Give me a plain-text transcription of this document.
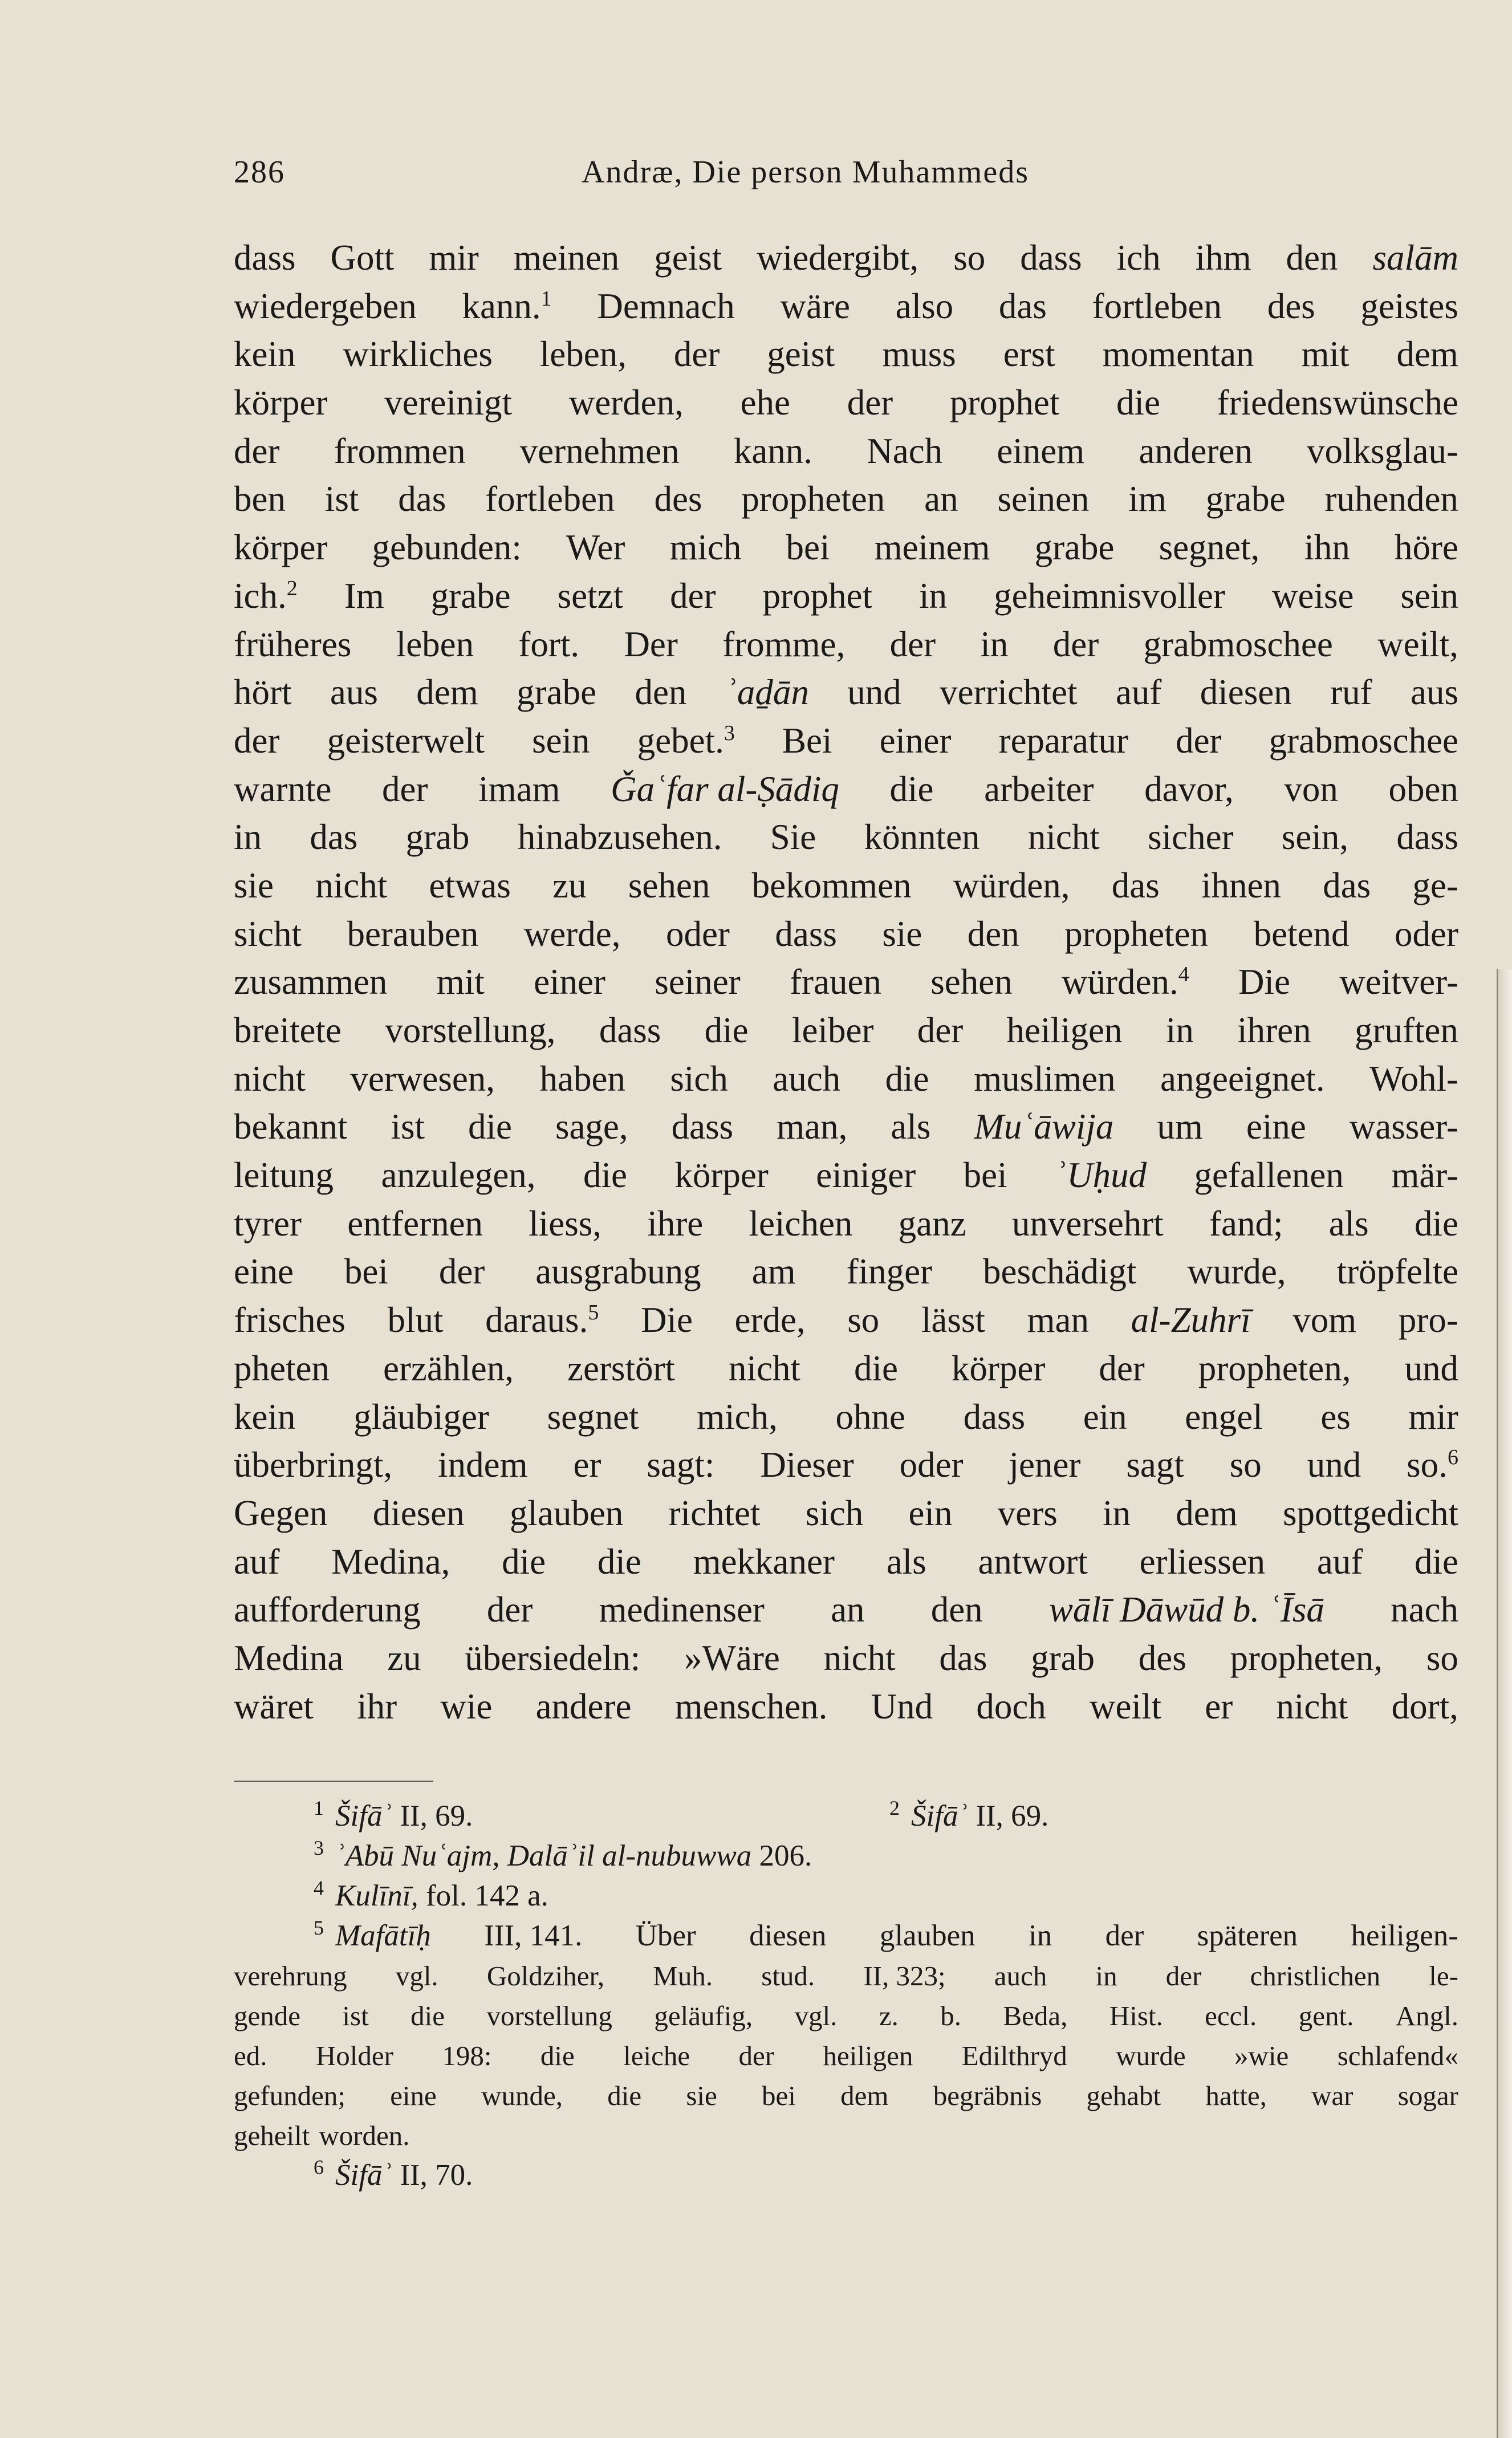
286	Andræ, Die person Muhammeds
dass Gott mir meinen geist wiedergibt, so dass ich ihm den salām
wiedergeben kann.1 Demnach wäre also das fortleben des geistes
kein wirkliches leben, der geist muss erst momentan mit dem
körper vereinigt werden, ehe der prophet die friedenswünsche
der frommen vernehmen kann. Nach einem anderen volksglau-
ben ist das fortleben des propheten an seinen im grabe ruhenden
körper gebunden: Wer mich bei meinem grabe segnet, ihn höre
ich.2 Im grabe setzt der prophet in geheimnisvoller weise sein
früheres leben fort. Der fromme, der in der grabmoschee weilt,
hört aus dem grabe den ʾaḏān und verrichtet auf diesen ruf aus
der geisterwelt sein gebet.3 Bei einer reparatur der grabmoschee
warnte der imam Ǧaʿfar al-Ṣādiq die arbeiter davor, von oben
in das grab hinabzusehen. Sie könnten nicht sicher sein, dass
sie nicht etwas zu sehen bekommen würden, das ihnen das ge-
sicht berauben werde, oder dass sie den propheten betend oder
zusammen mit einer seiner frauen sehen würden.4 Die weitver-
breitete vorstellung, dass die leiber der heiligen in ihren gruften
nicht verwesen, haben sich auch die muslimen angeeignet. Wohl-
bekannt ist die sage, dass man, als Muʿāwija um eine wasser-
leitung anzulegen, die körper einiger bei ʾUḥud gefallenen mär-
tyrer entfernen liess, ihre leichen ganz unversehrt fand; als die
eine bei der ausgrabung am finger beschädigt wurde, tröpfelte
frisches blut daraus.5 Die erde, so lässt man al-Zuhrī vom pro-
pheten erzählen, zerstört nicht die körper der propheten, und
kein gläubiger segnet mich, ohne dass ein engel es mir
überbringt, indem er sagt: Dieser oder jener sagt so und so.6
Gegen diesen glauben richtet sich ein vers in dem spottgedicht
auf Medina, die die mekkaner als antwort erliessen auf die
aufforderung der medinenser an den wālī Dāwūd b. ʿĪsā nach
Medina zu übersiedeln: »Wäre nicht das grab des propheten, so
wäret ihr wie andere menschen. Und doch weilt er nicht dort,
$^1$ Šifāʾ II, 69.	$^2$ Šifāʾ II, 69.
$^3$ ʾAbū Nuʿajm, Dalāʾil al-nubuwwa 206.
$^4$ Kulīnī, fol. 142 a.
$^5$ Mafātīḥ III, 141. Über diesen glauben in der späteren heiligen-
verehrung vgl. Goldziher, Muh. stud. II, 323; auch in der christlichen le-
gende ist die vorstellung geläufig, vgl. z. b. Beda, Hist. eccl. gent. Angl.
ed. Holder 198: die leiche der heiligen Edilthryd wurde »wie schlafend«
gefunden; eine wunde, die sie bei dem begräbnis gehabt hatte, war sogar
geheilt worden.
$^6$ Šifāʾ II, 70.
